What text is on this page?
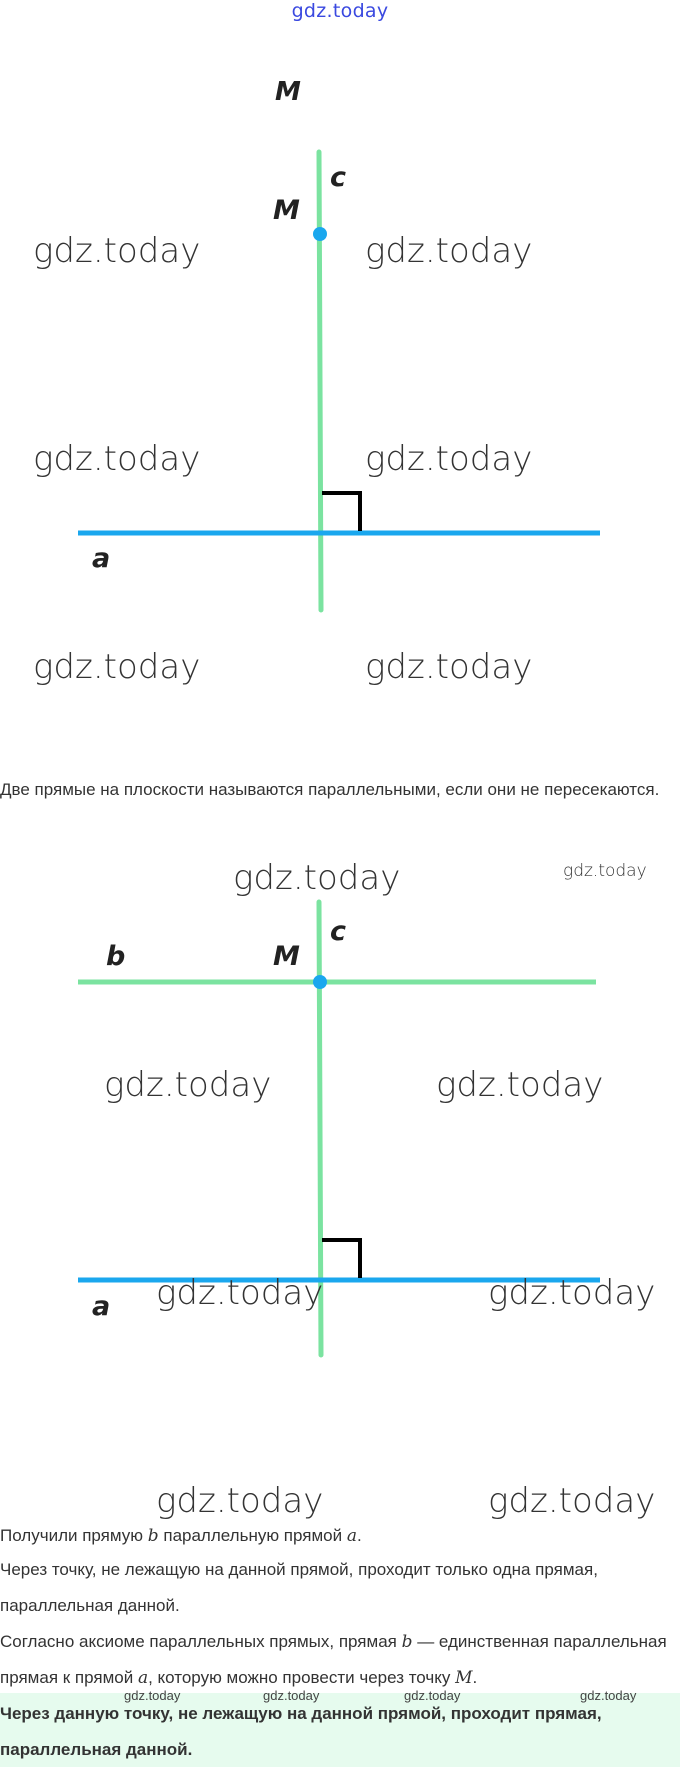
gdz.today
M
M
c
a
gdz.today	gdz.today
gdz.today	gdz.today
gdz.today	gdz.today

Две прямые на плоскости называются параллельными, если они не пересекаются.

b	M
c
a
gdz.today	gdz.today
gdz.today	gdz.today
gdz.today	gdz.today
gdz.today	gdz.today

Получили прямую b параллельную прямой a.

Через точку, не лежащую на данной прямой, проходит только одна прямая, параллельная данной.

Согласно аксиоме параллельных прямых, прямая b — единственная параллельная прямая к прямой a, которую можно провести через точку M.

Через данную точку, не лежащую на данной прямой, проходит прямая, параллельная данной.

gdz.today	gdz.today	gdz.today	gdz.today
